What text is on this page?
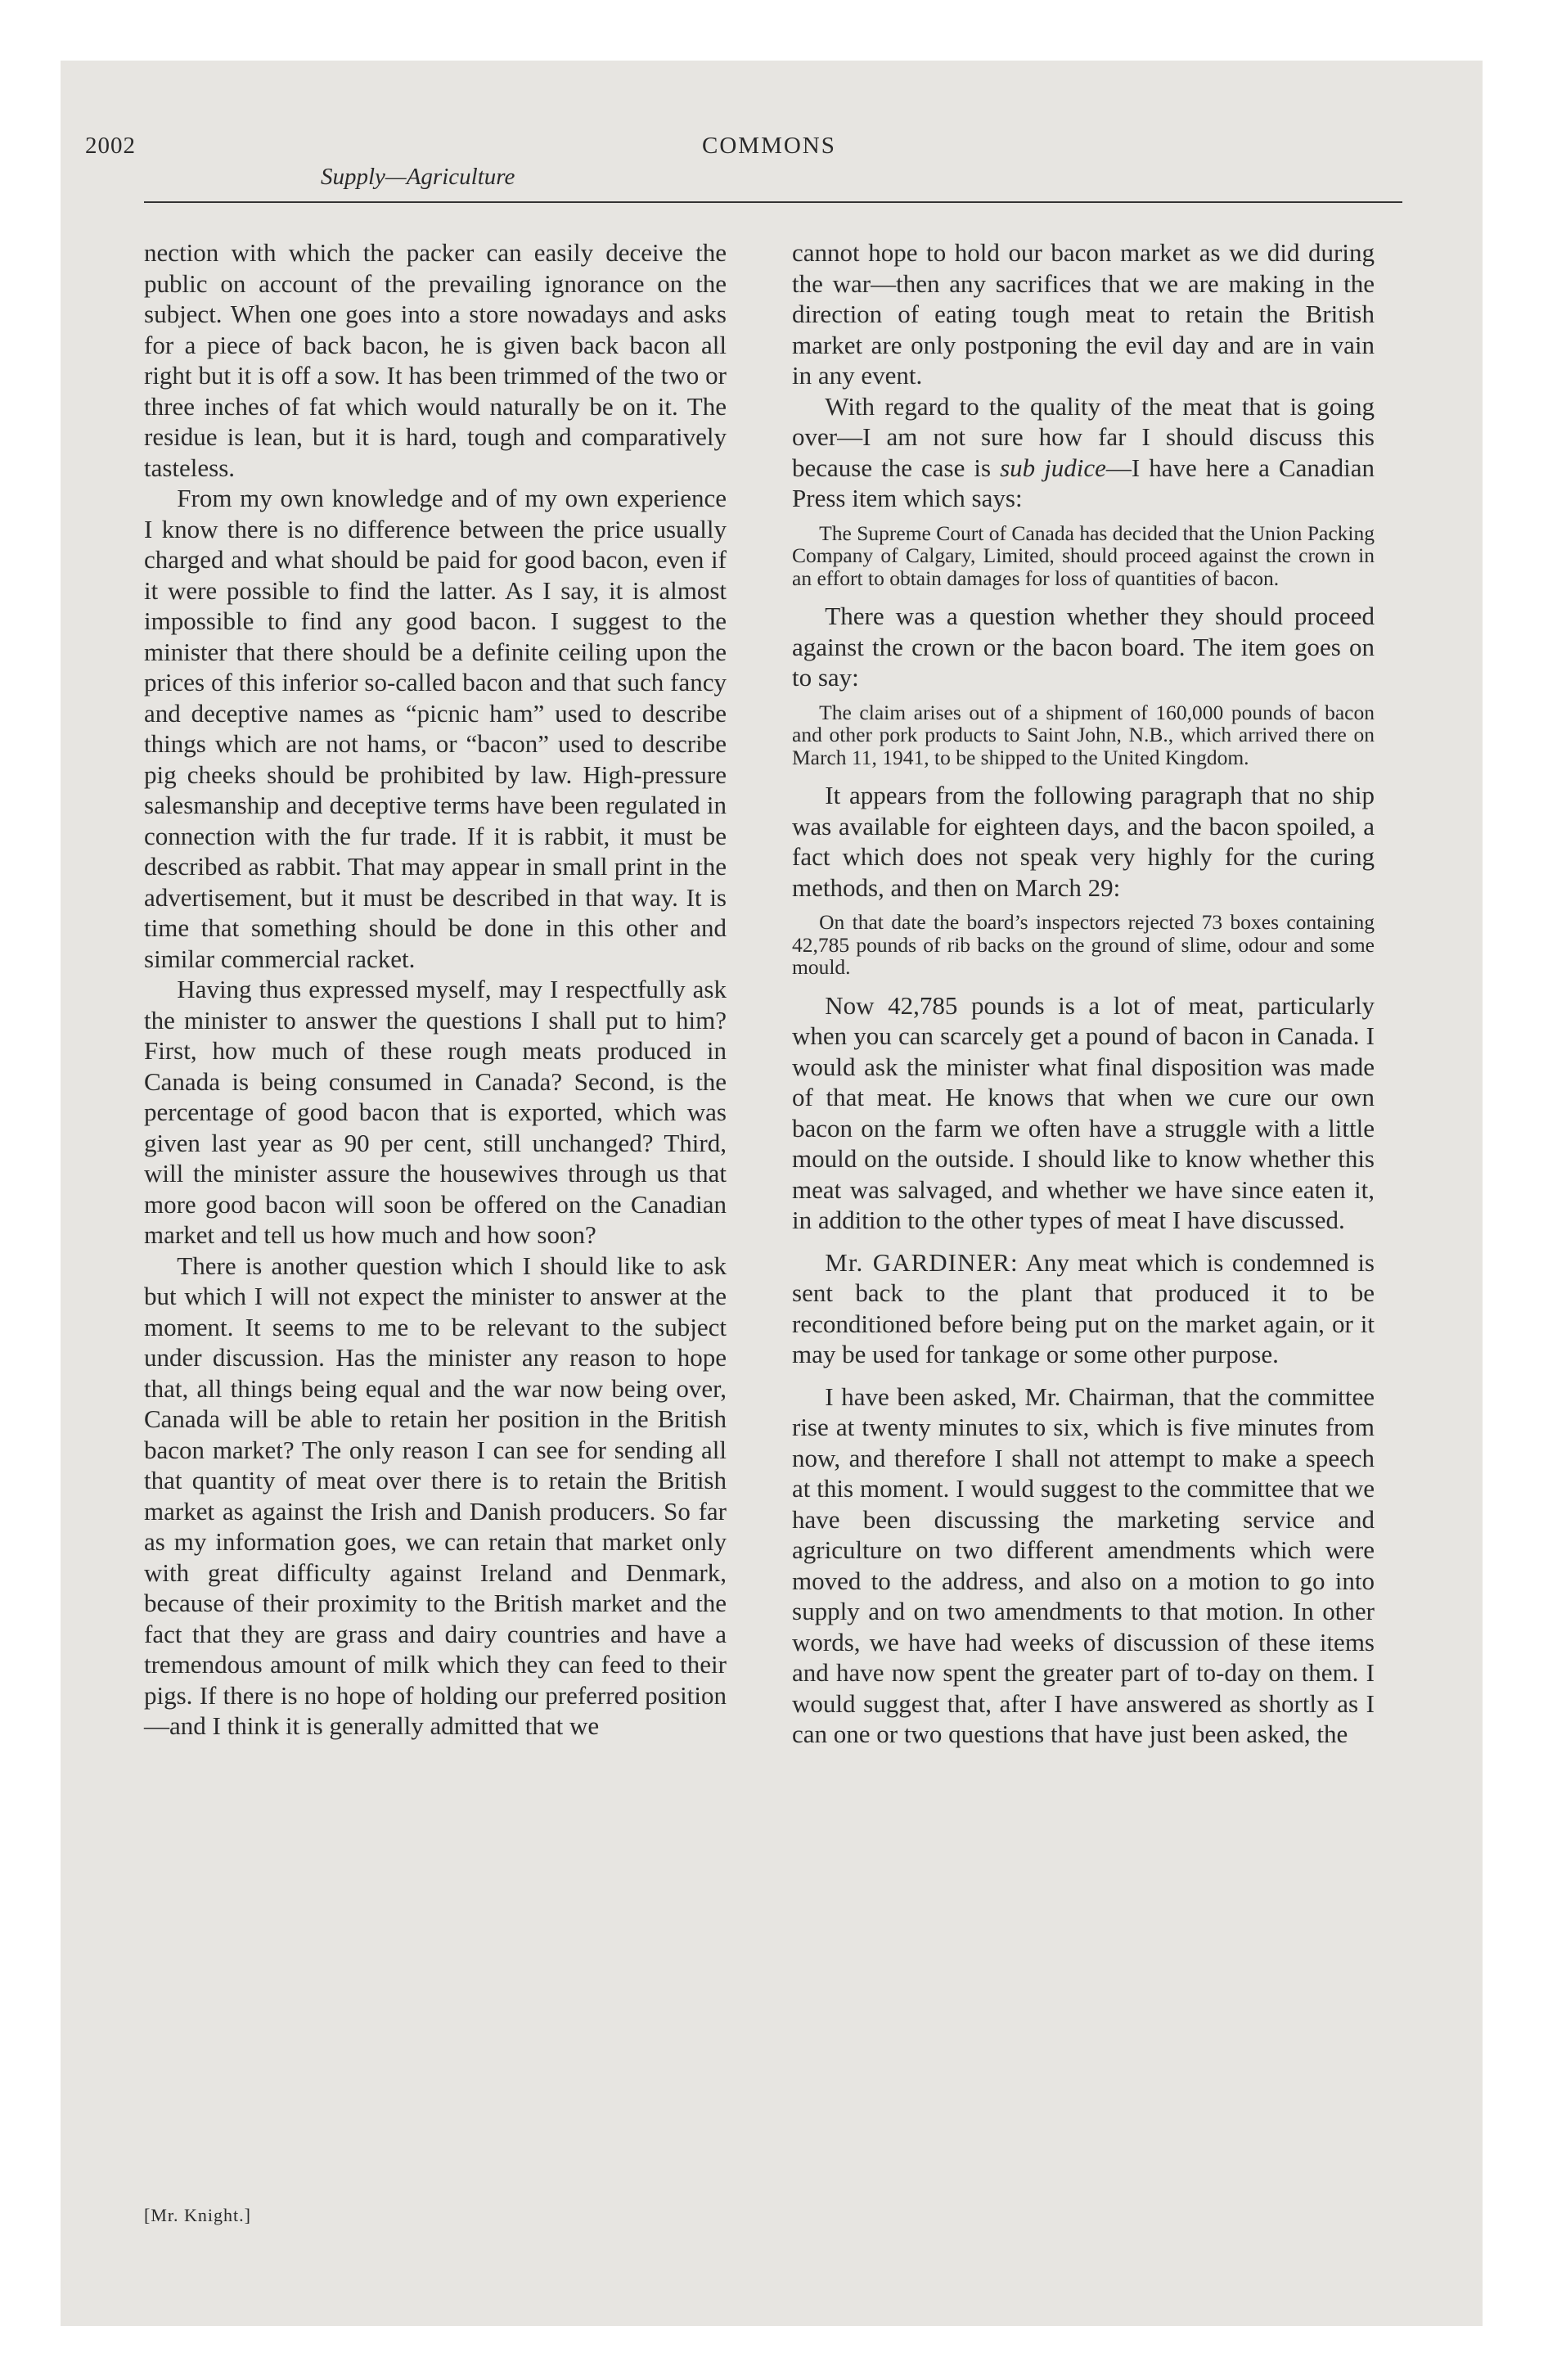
2002	COMMONS
Supply—Agriculture

nection with which the packer can easily deceive the public on account of the prevailing ignorance on the subject. When one goes into a store nowadays and asks for a piece of back bacon, he is given back bacon all right but it is off a sow. It has been trimmed of the two or three inches of fat which would naturally be on it. The residue is lean, but it is hard, tough and comparatively tasteless.

From my own knowledge and of my own experience I know there is no difference between the price usually charged and what should be paid for good bacon, even if it were possible to find the latter. As I say, it is almost impossible to find any good bacon. I suggest to the minister that there should be a definite ceiling upon the prices of this inferior so-called bacon and that such fancy and deceptive names as “picnic ham” used to describe things which are not hams, or “bacon” used to describe pig cheeks should be prohibited by law. High-pressure salesmanship and deceptive terms have been regulated in connection with the fur trade. If it is rabbit, it must be described as rabbit. That may appear in small print in the advertisement, but it must be described in that way. It is time that something should be done in this other and similar commercial racket.

Having thus expressed myself, may I respectfully ask the minister to answer the questions I shall put to him? First, how much of these rough meats produced in Canada is being consumed in Canada? Second, is the percentage of good bacon that is exported, which was given last year as 90 per cent, still unchanged? Third, will the minister assure the housewives through us that more good bacon will soon be offered on the Canadian market and tell us how much and how soon?

There is another question which I should like to ask but which I will not expect the minister to answer at the moment. It seems to me to be relevant to the subject under discussion. Has the minister any reason to hope that, all things being equal and the war now being over, Canada will be able to retain her position in the British bacon market? The only reason I can see for sending all that quantity of meat over there is to retain the British market as against the Irish and Danish producers. So far as my information goes, we can retain that market only with great difficulty against Ireland and Denmark, because of their proximity to the British market and the fact that they are grass and dairy countries and have a tremendous amount of milk which they can feed to their pigs. If there is no hope of holding our preferred position—and I think it is generally admitted that we

cannot hope to hold our bacon market as we did during the war—then any sacrifices that we are making in the direction of eating tough meat to retain the British market are only postponing the evil day and are in vain in any event.

With regard to the quality of the meat that is going over—I am not sure how far I should discuss this because the case is sub judice—I have here a Canadian Press item which says:

The Supreme Court of Canada has decided that the Union Packing Company of Calgary, Limited, should proceed against the crown in an effort to obtain damages for loss of quantities of bacon.

There was a question whether they should proceed against the crown or the bacon board. The item goes on to say:

The claim arises out of a shipment of 160,000 pounds of bacon and other pork products to Saint John, N.B., which arrived there on March 11, 1941, to be shipped to the United Kingdom.

It appears from the following paragraph that no ship was available for eighteen days, and the bacon spoiled, a fact which does not speak very highly for the curing methods, and then on March 29:

On that date the board’s inspectors rejected 73 boxes containing 42,785 pounds of rib backs on the ground of slime, odour and some mould.

Now 42,785 pounds is a lot of meat, particularly when you can scarcely get a pound of bacon in Canada. I would ask the minister what final disposition was made of that meat. He knows that when we cure our own bacon on the farm we often have a struggle with a little mould on the outside. I should like to know whether this meat was salvaged, and whether we have since eaten it, in addition to the other types of meat I have discussed.

Mr. GARDINER: Any meat which is condemned is sent back to the plant that produced it to be reconditioned before being put on the market again, or it may be used for tankage or some other purpose.

I have been asked, Mr. Chairman, that the committee rise at twenty minutes to six, which is five minutes from now, and therefore I shall not attempt to make a speech at this moment. I would suggest to the committee that we have been discussing the marketing service and agriculture on two different amendments which were moved to the address, and also on a motion to go into supply and on two amendments to that motion. In other words, we have had weeks of discussion of these items and have now spent the greater part of to-day on them. I would suggest that, after I have answered as shortly as I can one or two questions that have just been asked, the

[Mr. Knight.]
